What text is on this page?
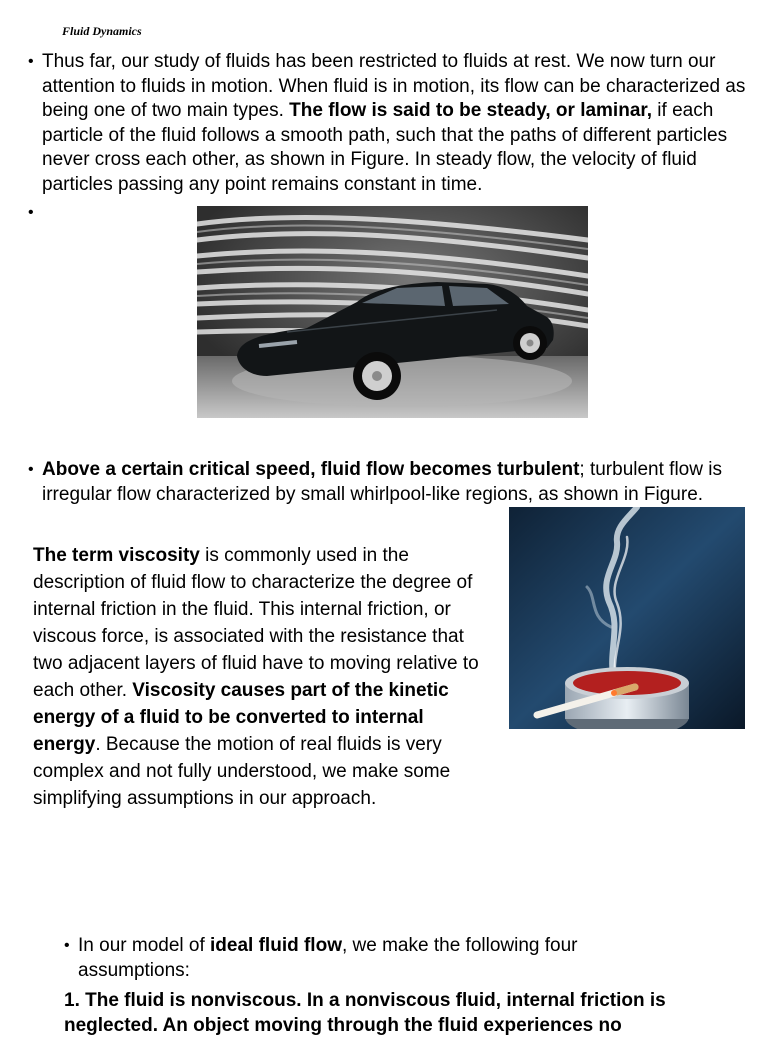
Fluid Dynamics
• Thus far, our study of fluids has been restricted to fluids at rest. We now turn our attention to fluids in motion. When fluid is in motion, its flow can be characterized as being one of two main types. The flow is said to be steady, or laminar, if each particle of the fluid follows a smooth path, such that the paths of different particles never cross each other, as shown in Figure. In steady flow, the velocity of fluid particles passing any point remains constant in time.
•
• Above a certain critical speed, fluid flow becomes turbulent; turbulent flow is irregular flow characterized by small whirlpool-like regions, as shown in Figure.
The term viscosity is commonly used in the description of fluid flow to characterize the degree of internal friction in the fluid. This internal friction, or viscous force, is associated with the resistance that two adjacent layers of fluid have to moving relative to each other. Viscosity causes part of the kinetic energy of a fluid to be converted to internal energy. Because the motion of real fluids is very complex and not fully understood, we make some simplifying assumptions in our approach.
• In our model of ideal fluid flow, we make the following four assumptions:
1. The fluid is nonviscous. In a nonviscous fluid, internal friction is neglected. An object moving through the fluid experiences no
